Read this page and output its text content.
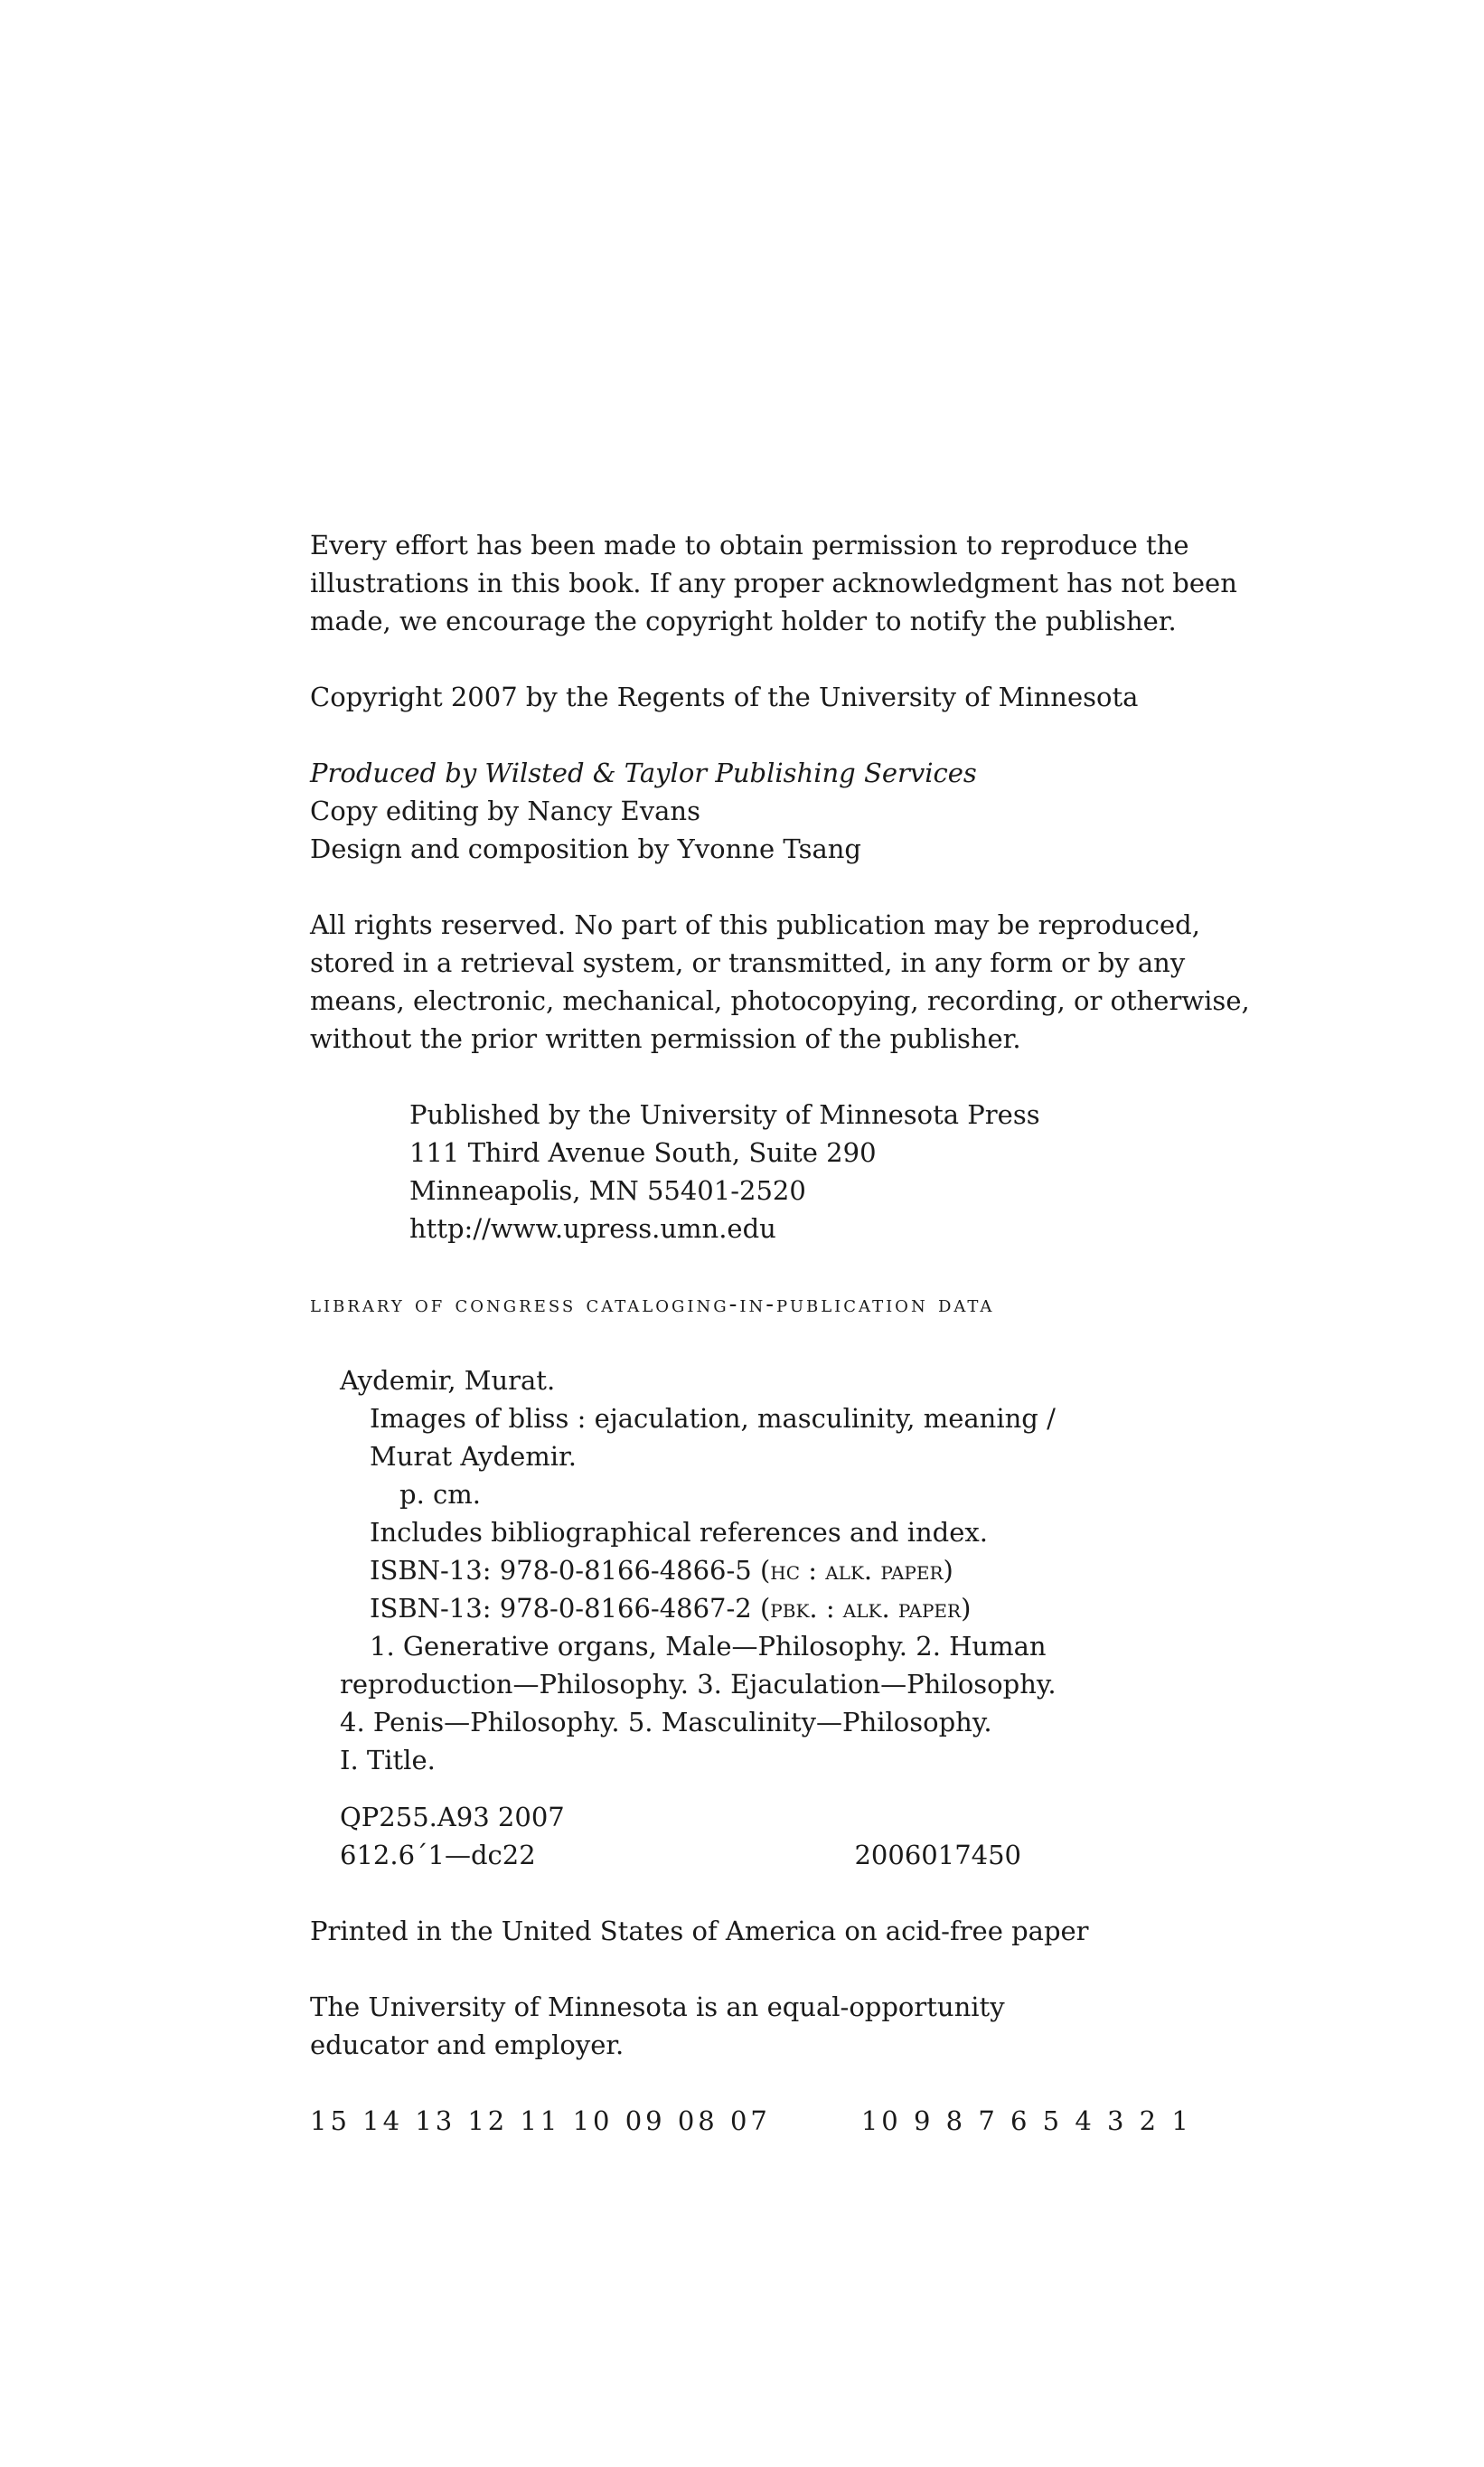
Every effort has been made to obtain permission to reproduce the
illustrations in this book. If any proper acknowledgment has not been
made, we encourage the copyright holder to notify the publisher.
Copyright 2007 by the Regents of the University of Minnesota
Produced by Wilsted & Taylor Publishing Services
Copy editing by Nancy Evans
Design and composition by Yvonne Tsang
All rights reserved. No part of this publication may be reproduced,
stored in a retrieval system, or transmitted, in any form or by any
means, electronic, mechanical, photocopying, recording, or otherwise,
without the prior written permission of the publisher.
Published by the University of Minnesota Press
111 Third Avenue South, Suite 290
Minneapolis, MN 55401-2520
http://www.upress.umn.edu
library of congress cataloging-in-publication data
Aydemir, Murat.
Images of bliss : ejaculation, masculinity, meaning /
Murat Aydemir.
p. cm.
Includes bibliographical references and index.
ISBN-13: 978-0-8166-4866-5 (hc : alk. paper)
ISBN-13: 978-0-8166-4867-2 (pbk. : alk. paper)
1. Generative organs, Male—Philosophy. 2. Human
reproduction—Philosophy. 3. Ejaculation—Philosophy.
4. Penis—Philosophy. 5. Masculinity—Philosophy.
I. Title.
QP255.A93 2007
612.6´1—dc22	2006017450
Printed in the United States of America on acid-free paper
The University of Minnesota is an equal-opportunity
educator and employer.
15 14 13 12 11 10 09 08 07	10 9 8 7 6 5 4 3 2 1
